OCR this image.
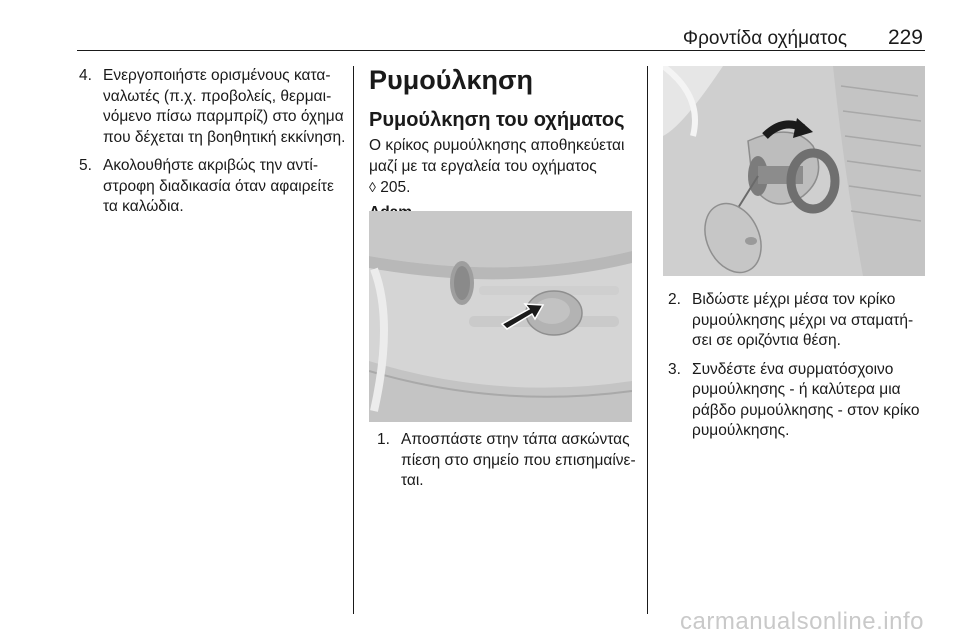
Φροντίδα οχήματος 229
4. Ενεργοποιήστε ορισμένους κατα-ναλωτές (π.χ. προβολείς, θερμαι-νόμενο πίσω παρμπρίζ) στο όχημα που δέχεται τη βοηθητική εκκίνηση.
5. Ακολουθήστε ακριβώς την αντί-στροφη διαδικασία όταν αφαιρείτε τα καλώδια.
Ρυμούλκηση
Ρυμούλκηση του οχήματος

Ο κρίκος ρυμούλκησης αποθηκεύεται μαζί με τα εργαλεία του οχήματος
◊ 205.

1. Αποσπάστε στην τάπα ασκώντας πίεση στο σημείο που επισημαίνε-ται.
2. Βιδώστε μέχρι μέσα τον κρίκο ρυμούλκησης μέχρι να σταματή-σει σε οριζόντια θέση.
3. Συνδέστε ένα συρματόσχοινο ρυμούλκησης - ή καλύτερα μια ράβδο ρυμούλκησης - στον κρίκο ρυμούλκησης.
carmanualsonline.info
